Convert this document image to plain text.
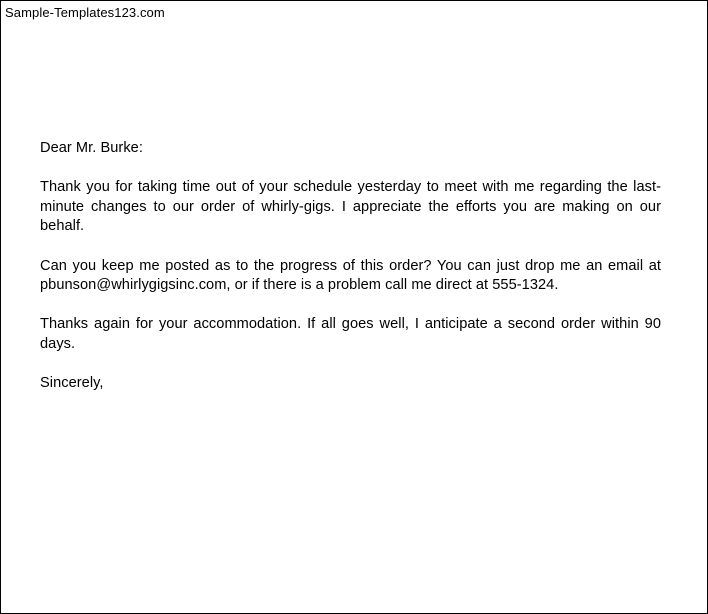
Sample-Templates123.com

Dear Mr. Burke:

Thank you for taking time out of your schedule yesterday to meet with me regarding the last-minute changes to our order of whirly-gigs. I appreciate the efforts you are making on our behalf.

Can you keep me posted as to the progress of this order? You can just drop me an email at pbunson@whirlygigsinc.com, or if there is a problem call me direct at 555-1324.

Thanks again for your accommodation. If all goes well, I anticipate a second order within 90 days.

Sincerely,
